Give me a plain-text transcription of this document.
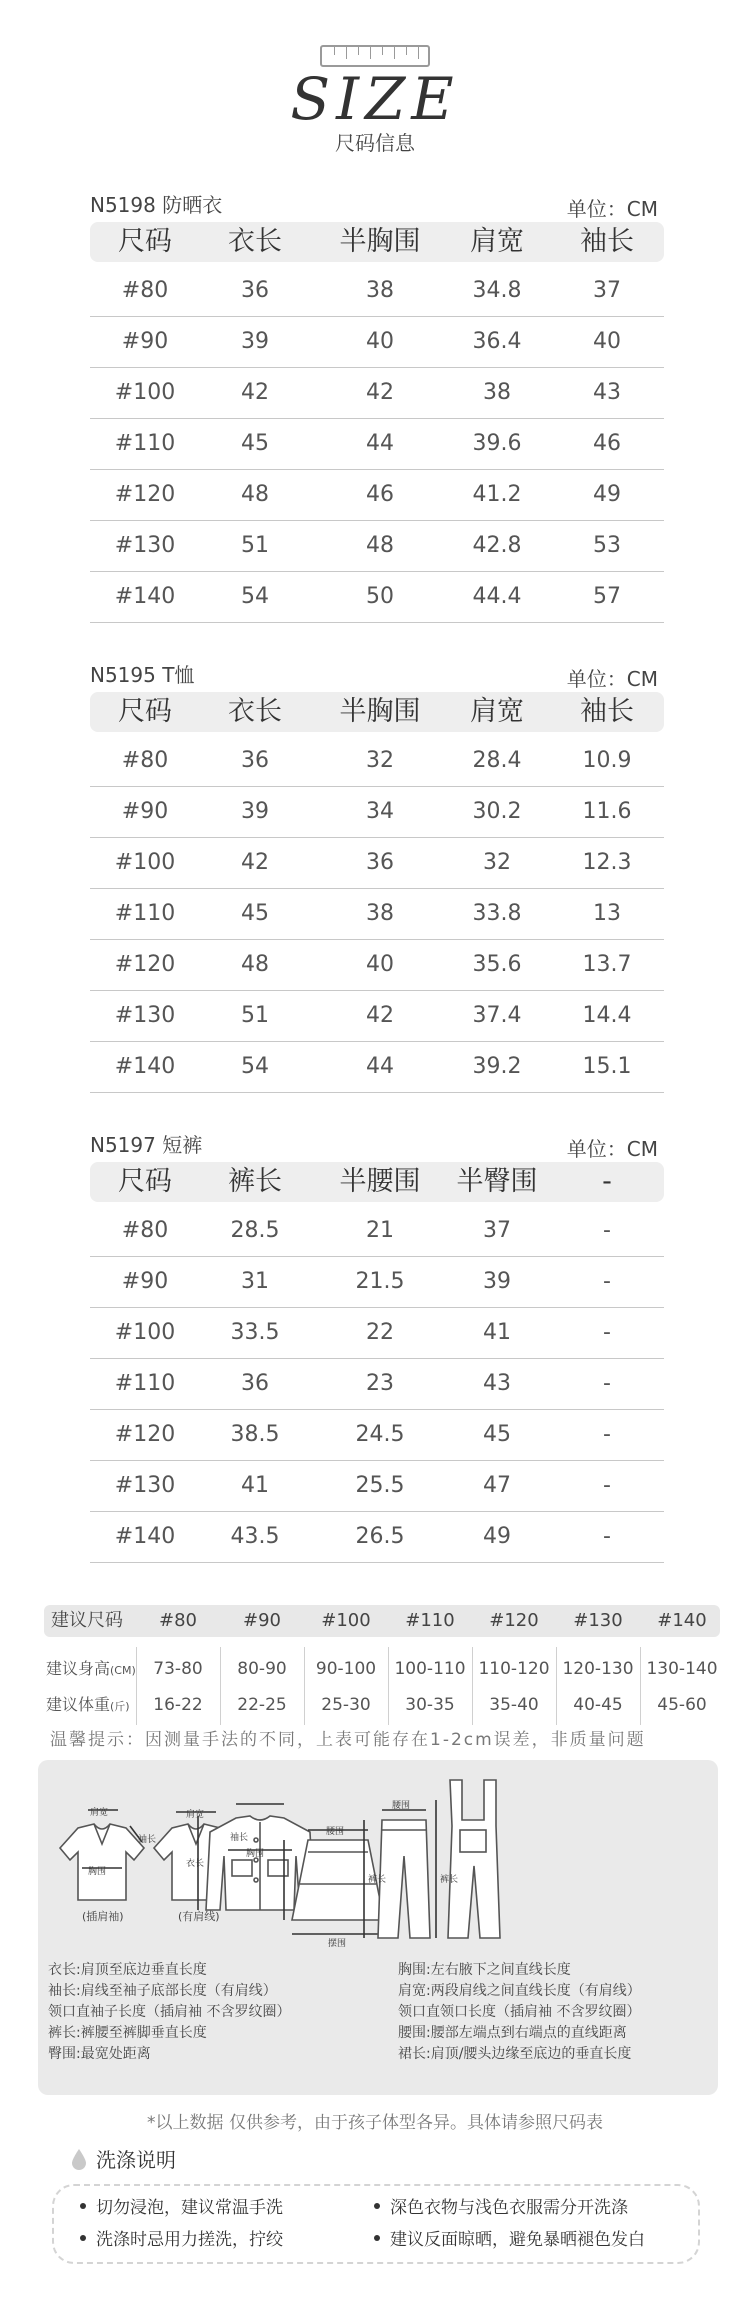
SIZE
尺码信息
N5198 防晒衣	单位：CM
尺码	衣长	半胸围	肩宽	袖长
#80	36	38	34.8	37
#90	39	40	36.4	40
#100	42	42	38	43
#110	45	44	39.6	46
#120	48	46	41.2	49
#130	51	48	42.8	53
#140	54	50	44.4	57
N5195 T恤	单位：CM
尺码	衣长	半胸围	肩宽	袖长
#80	36	32	28.4	10.9
#90	39	34	30.2	11.6
#100	42	36	32	12.3
#110	45	38	33.8	13
#120	48	40	35.6	13.7
#130	51	42	37.4	14.4
#140	54	44	39.2	15.1
N5197 短裤	单位：CM
尺码	裤长	半腰围	半臀围	-
#80	28.5	21	37	-
#90	31	21.5	39	-
#100	33.5	22	41	-
#110	36	23	43	-
#120	38.5	24.5	45	-
#130	41	25.5	47	-
#140	43.5	26.5	49	-
建议尺码	#80	#90	#100	#110	#120	#130	#140
建议身高(CM)	73-80	80-90	90-100	100-110 110-120 120-130 130-140
建议体重(斤)	16-22	22-25	25-30	30-35	35-40	40-45	45-60
温馨提示：因测量手法的不同，上表可能存在1-2cm误差，非质量问题
肩宽
胸围
袖长
肩宽
袖长
衣长
胸围
(插肩袖)	(有肩线)
腰围
摆围
腰围
裤长	裤长
衣长:肩顶至底边垂直长度
袖长:肩线至袖子底部长度（有肩线）
领口直袖子长度（插肩袖 不含罗纹圈）
裤长:裤腰至裤脚垂直长度
臀围:最宽处距离
胸围:左右腋下之间直线长度
肩宽:两段肩线之间直线长度（有肩线）
领口直领口长度（插肩袖 不含罗纹圈）
腰围:腰部左端点到右端点的直线距离
裙长:肩顶/腰头边缘至底边的垂直长度
*以上数据 仅供参考，由于孩子体型各异。具体请参照尺码表
洗涤说明
切勿浸泡，建议常温手洗	深色衣物与浅色衣服需分开洗涤
洗涤时忌用力搓洗，拧绞	建议反面晾晒，避免暴晒褪色发白
